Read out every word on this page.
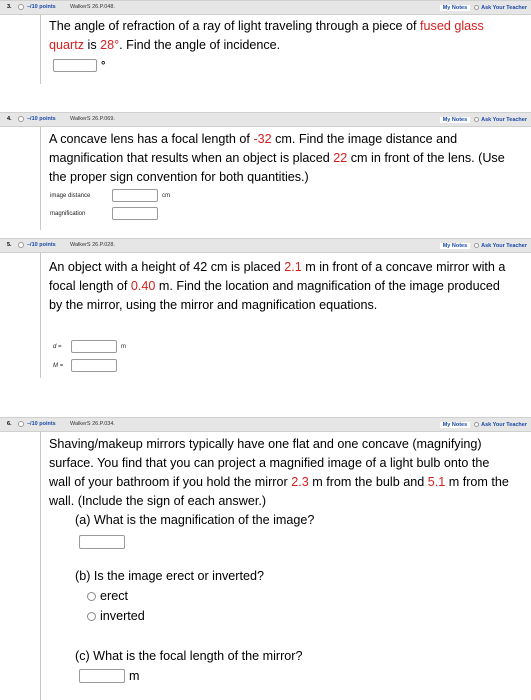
3.	–/10 points	WalkerS 26.P.048.	My Notes	Ask Your Teacher

The angle of refraction of a ray of light traveling through a piece of fused glass quartz is 28°. Find the angle of incidence.

°
4.	–/10 points	WalkerS 26.P.069.	My Notes	Ask Your Teacher

A concave lens has a focal length of -32 cm. Find the image distance and magnification that results when an object is placed 22 cm in front of the lens. (Use the proper sign convention for both quantities.)

image distance	cm
magnification
5.	–/10 points	WalkerS 26.P.028.	My Notes	Ask Your Teacher

An object with a height of 42 cm is placed 2.1 m in front of a concave mirror with a focal length of 0.40 m. Find the location and magnification of the image produced by the mirror, using the mirror and magnification equations.

d =	m
M =
6.	–/10 points	WalkerS 26.P.034.	My Notes	Ask Your Teacher

Shaving/makeup mirrors typically have one flat and one concave (magnifying) surface. You find that you can project a magnified image of a light bulb onto the wall of your bathroom if you hold the mirror 2.3 m from the bulb and 5.1 m from the wall. (Include the sign of each answer.)

(a) What is the magnification of the image?
(b) Is the image erect or inverted?
erect
inverted
(c) What is the focal length of the mirror?
m
